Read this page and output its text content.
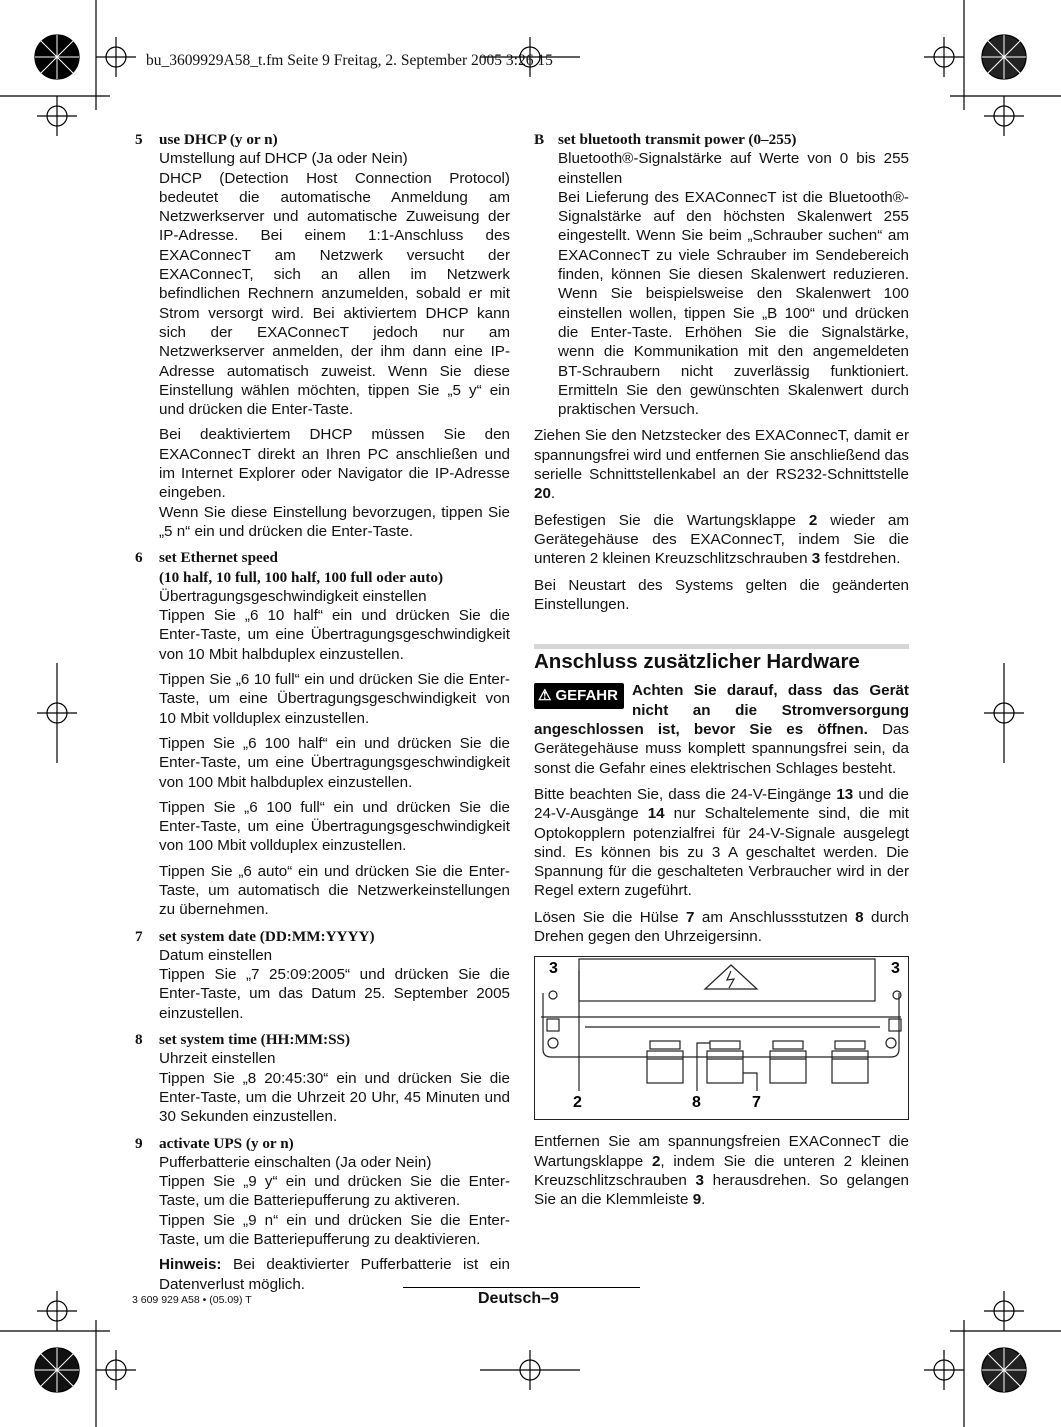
bu_3609929A58_t.fm Seite 9 Freitag, 2. September 2005 3:26 15
5 use DHCP (y or n)

Umstellung auf DHCP (Ja oder Nein)

DHCP (Detection Host Connection Protocol) bedeutet die automatische Anmeldung am Netzwerkserver und automatische Zuweisung der IP-Adresse. Bei einem 1:1-Anschluss des EXAConnecT am Netzwerk versucht der EXAConnecT, sich an allen im Netzwerk befindlichen Rechnern anzumelden, sobald er mit Strom versorgt wird. Bei aktiviertem DHCP kann sich der EXAConnecT jedoch nur am Netzwerkserver anmelden, der ihm dann eine IP-Adresse automatisch zuweist. Wenn Sie diese Einstellung wählen möchten, tippen Sie „5 y“ ein und drücken die Enter-Taste.

Bei deaktiviertem DHCP müssen Sie den EXAConnecT direkt an Ihren PC anschließen und im Internet Explorer oder Navigator die IP-Adresse eingeben.

Wenn Sie diese Einstellung bevorzugen, tippen Sie „5 n“ ein und drücken die Enter-Taste.

6 set Ethernet speed
(10 half, 10 full, 100 half, 100 full oder auto)

Übertragungsgeschwindigkeit einstellen

Tippen Sie „6 10 half“ ein und drücken Sie die Enter-Taste, um eine Übertragungsgeschwindigkeit von 10 Mbit halbduplex einzustellen.

Tippen Sie „6 10 full“ ein und drücken Sie die Enter-Taste, um eine Übertragungsgeschwindigkeit von 10 Mbit vollduplex einzustellen.

Tippen Sie „6 100 half“ ein und drücken Sie die Enter-Taste, um eine Übertragungsgeschwindigkeit von 100 Mbit halbduplex einzustellen.

Tippen Sie „6 100 full“ ein und drücken Sie die Enter-Taste, um eine Übertragungsgeschwindigkeit von 100 Mbit vollduplex einzustellen.

Tippen Sie „6 auto“ ein und drücken Sie die Enter-Taste, um automatisch die Netzwerkeinstellungen zu übernehmen.

7 set system date (DD:MM:YYYY)

Datum einstellen

Tippen Sie „7 25:09:2005“ und drücken Sie die Enter-Taste, um das Datum 25. September 2005 einzustellen.

8 set system time (HH:MM:SS)

Uhrzeit einstellen

Tippen Sie „8 20:45:30“ ein und drücken Sie die Enter-Taste, um die Uhrzeit 20 Uhr, 45 Minuten und 30 Sekunden einzustellen.

9 activate UPS (y or n)

Pufferbatterie einschalten (Ja oder Nein)

Tippen Sie „9 y“ ein und drücken Sie die Enter-Taste, um die Batteriepufferung zu aktiveren.

Tippen Sie „9 n“ ein und drücken Sie die Enter-Taste, um die Batteriepufferung zu deaktivieren.

Hinweis: Bei deaktivierter Pufferbatterie ist ein Datenverlust möglich.

B set bluetooth transmit power (0–255)

Bluetooth®-Signalstärke auf Werte von 0 bis 255 einstellen

Bei Lieferung des EXAConnecT ist die Bluetooth®-Signalstärke auf den höchsten Skalenwert 255 eingestellt. Wenn Sie beim „Schrauber suchen“ am EXAConnecT zu viele Schrauber im Sendebereich finden, können Sie diesen Skalenwert reduzieren. Wenn Sie beispielsweise den Skalenwert 100 einstellen wollen, tippen Sie „B 100“ und drücken die Enter-Taste. Erhöhen Sie die Signalstärke, wenn die Kommunikation mit den angemeldeten BT-Schraubern nicht zuverlässig funktioniert. Ermitteln Sie den gewünschten Skalenwert durch praktischen Versuch.

Ziehen Sie den Netzstecker des EXAConnecT, damit er spannungsfrei wird und entfernen Sie anschließend das serielle Schnittstellenkabel an der RS232-Schnittstelle 20.

Befestigen Sie die Wartungsklappe 2 wieder am Gerätegehäuse des EXAConnecT, indem Sie die unteren 2 kleinen Kreuzschlitzschrauben 3 festdrehen.

Bei Neustart des Systems gelten die geänderten Einstellungen.

Anschluss zusätzlicher Hardware

⚠ GEFAHR Achten Sie darauf, dass das Gerät nicht an die Stromversorgung angeschlossen ist, bevor Sie es öffnen. Das Gerätegehäuse muss komplett spannungsfrei sein, da sonst die Gefahr eines elektrischen Schlages besteht.

Bitte beachten Sie, dass die 24-V-Eingänge 13 und die 24-V-Ausgänge 14 nur Schaltelemente sind, die mit Optokopplern potenzialfrei für 24-V-Signale ausgelegt sind. Es können bis zu 3 A geschaltet werden. Die Spannung für die geschalteten Verbraucher wird in der Regel extern zugeführt.

Lösen Sie die Hülse 7 am Anschlussstutzen 8 durch Drehen gegen den Uhrzeigersinn.

3	3
2	8	7

Entfernen Sie am spannungsfreien EXAConnecT die Wartungsklappe 2, indem Sie die unteren 2 kleinen Kreuzschlitzschrauben 3 herausdrehen. So gelangen Sie an die Klemmleiste 9.

3 609 929 A58 • (05.09) T	Deutsch–9
